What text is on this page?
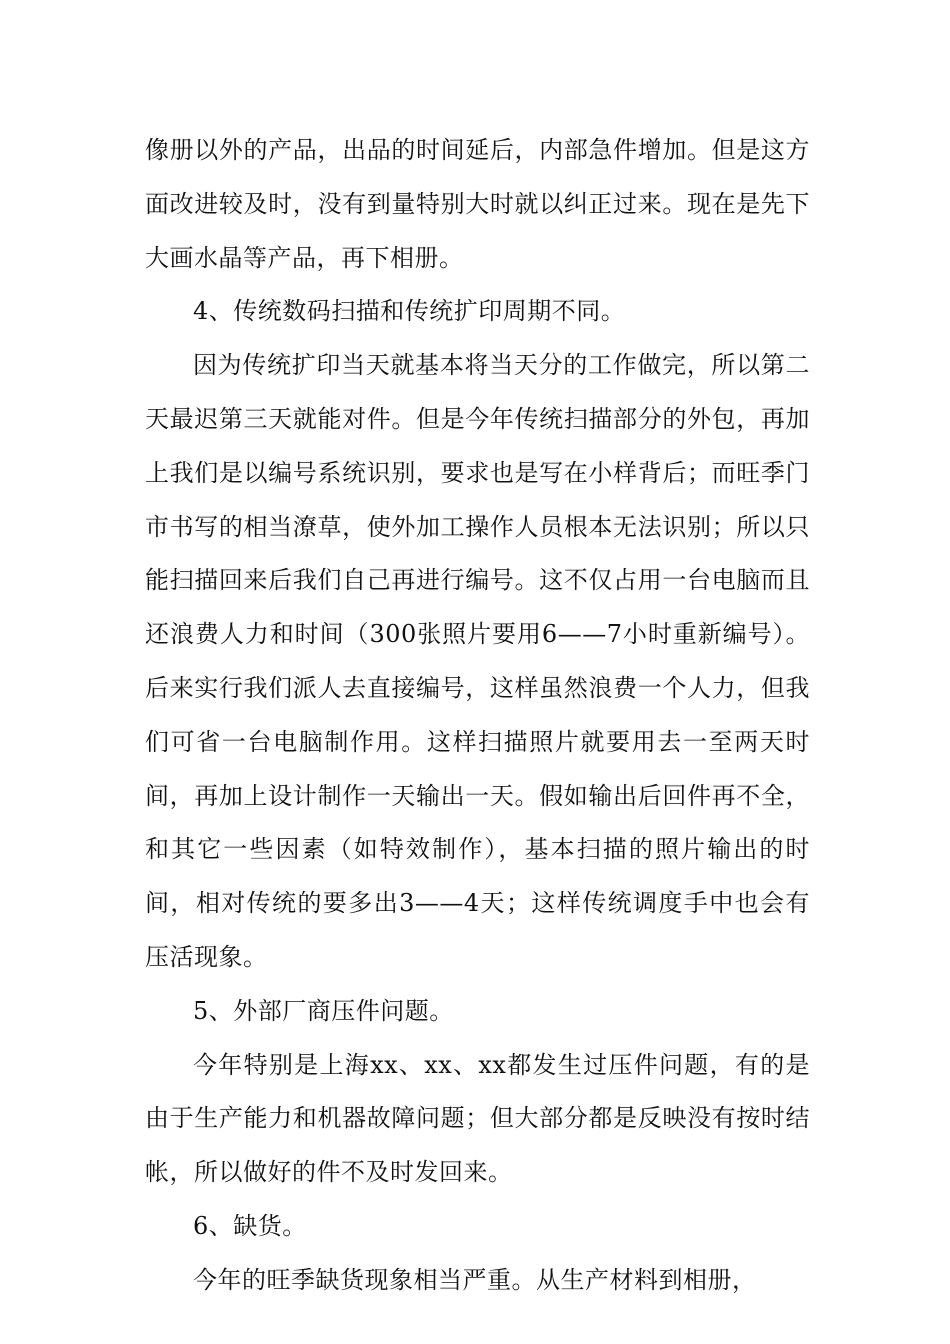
像册以外的产品，出品的时间延后，内部急件增加。但是这方面改进较及时，没有到量特别大时就以纠正过来。现在是先下大画水晶等产品，再下相册。

4、传统数码扫描和传统扩印周期不同。

因为传统扩印当天就基本将当天分的工作做完，所以第二天最迟第三天就能对件。但是今年传统扫描部分的外包，再加上我们是以编号系统识别，要求也是写在小样背后；而旺季门市书写的相当潦草，使外加工操作人员根本无法识别；所以只能扫描回来后我们自己再进行编号。这不仅占用一台电脑而且还浪费人力和时间（300张照片要用6——7小时重新编号）。后来实行我们派人去直接编号，这样虽然浪费一个人力，但我们可省一台电脑制作用。这样扫描照片就要用去一至两天时间，再加上设计制作一天输出一天。假如输出后回件再不全，和其它一些因素（如特效制作），基本扫描的照片输出的时间，相对传统的要多出3——4天；这样传统调度手中也会有压活现象。

5、外部厂商压件问题。

今年特别是上海xx、xx、xx都发生过压件问题，有的是由于生产能力和机器故障问题；但大部分都是反映没有按时结帐，所以做好的件不及时发回来。

6、缺货。

今年的旺季缺货现象相当严重。从生产材料到相册，
